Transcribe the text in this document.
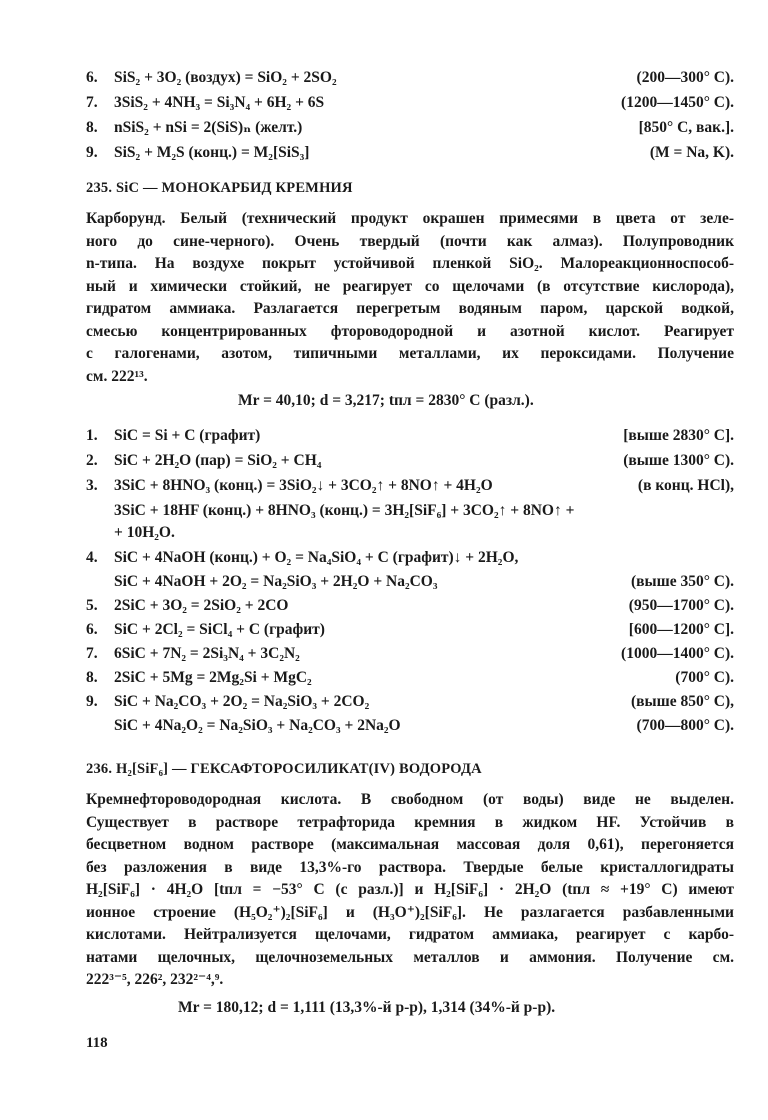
6. SiS₂ + 3O₂ (воздух) = SiO₂ + 2SO₂	(200—300° C).
7. 3SiS₂ + 4NH₃ = Si₃N₄ + 6H₂ + 6S	(1200—1450° C).
8. nSiS₂ + nSi = 2(SiS)ₙ (желт.)	[850° C, вак.].
9. SiS₂ + M₂S (конц.) = M₂[SiS₃]	(M = Na, K).
235. SiC — МОНОКАРБИД КРЕМНИЯ
Карборунд. Белый (технический продукт окрашен примесями в цвета от зеле-
ного до сине-черного). Очень твердый (почти как алмаз). Полупроводник
n-типа. На воздухе покрыт устойчивой пленкой SiO₂. Малореакционноспособ-
ный и химически стойкий, не реагирует со щелочами (в отсутствие кислорода),
гидратом аммиака. Разлагается перегретым водяным паром, царской водкой,
смесью концентрированных фтороводородной и азотной кислот. Реагирует
с галогенами, азотом, типичными металлами, их пероксидами. Получение
см. 222¹³.
Mr = 40,10; d = 3,217; tпл = 2830° C (разл.).
1. SiC = Si + C (графит)	[выше 2830° C].
2. SiC + 2H₂O (пар) = SiO₂ + CH₄	(выше 1300° C).
3. 3SiC + 8HNO₃ (конц.) = 3SiO₂↓ + 3CO₂↑ + 8NO↑ + 4H₂O	(в конц. HCl),
3SiC + 18HF (конц.) + 8HNO₃ (конц.) = 3H₂[SiF₆] + 3CO₂↑ + 8NO↑ +
+ 10H₂O.
4. SiC + 4NaOH (конц.) + O₂ = Na₄SiO₄ + C (графит)↓ + 2H₂O,
SiC + 4NaOH + 2O₂ = Na₂SiO₃ + 2H₂O + Na₂CO₃	(выше 350° C).
5. 2SiC + 3O₂ = 2SiO₂ + 2CO	(950—1700° C).
6. SiC + 2Cl₂ = SiCl₄ + C (графит)	[600—1200° C].
7. 6SiC + 7N₂ = 2Si₃N₄ + 3C₂N₂	(1000—1400° C).
8. 2SiC + 5Mg = 2Mg₂Si + MgC₂	(700° C).
9. SiC + Na₂CO₃ + 2O₂ = Na₂SiO₃ + 2CO₂	(выше 850° C),
SiC + 4Na₂O₂ = Na₂SiO₃ + Na₂CO₃ + 2Na₂O	(700—800° C).
236. H₂[SiF₆] — ГЕКСАФТОРОСИЛИКАТ(IV) ВОДОРОДА
Кремнефтороводородная кислота. В свободном (от воды) виде не выделен.
Существует в растворе тетрафторида кремния в жидком HF. Устойчив в
бесцветном водном растворе (максимальная массовая доля 0,61), перегоняется
без разложения в виде 13,3%-го раствора. Твердые белые кристаллогидраты
H₂[SiF₆] · 4H₂O [tпл = −53° C (с разл.)] и H₂[SiF₆] · 2H₂O (tпл ≈ +19° C) имеют
ионное строение (H₅O₂⁺)₂[SiF₆] и (H₃O⁺)₂[SiF₆]. Не разлагается разбавленными
кислотами. Нейтрализуется щелочами, гидратом аммиака, реагирует с карбо-
натами щелочных, щелочноземельных металлов и аммония. Получение см.
222³⁻⁵, 226², 232²⁻⁴,⁹.
Mr = 180,12; d = 1,111 (13,3%-й р-р), 1,314 (34%-й р-р).
118
